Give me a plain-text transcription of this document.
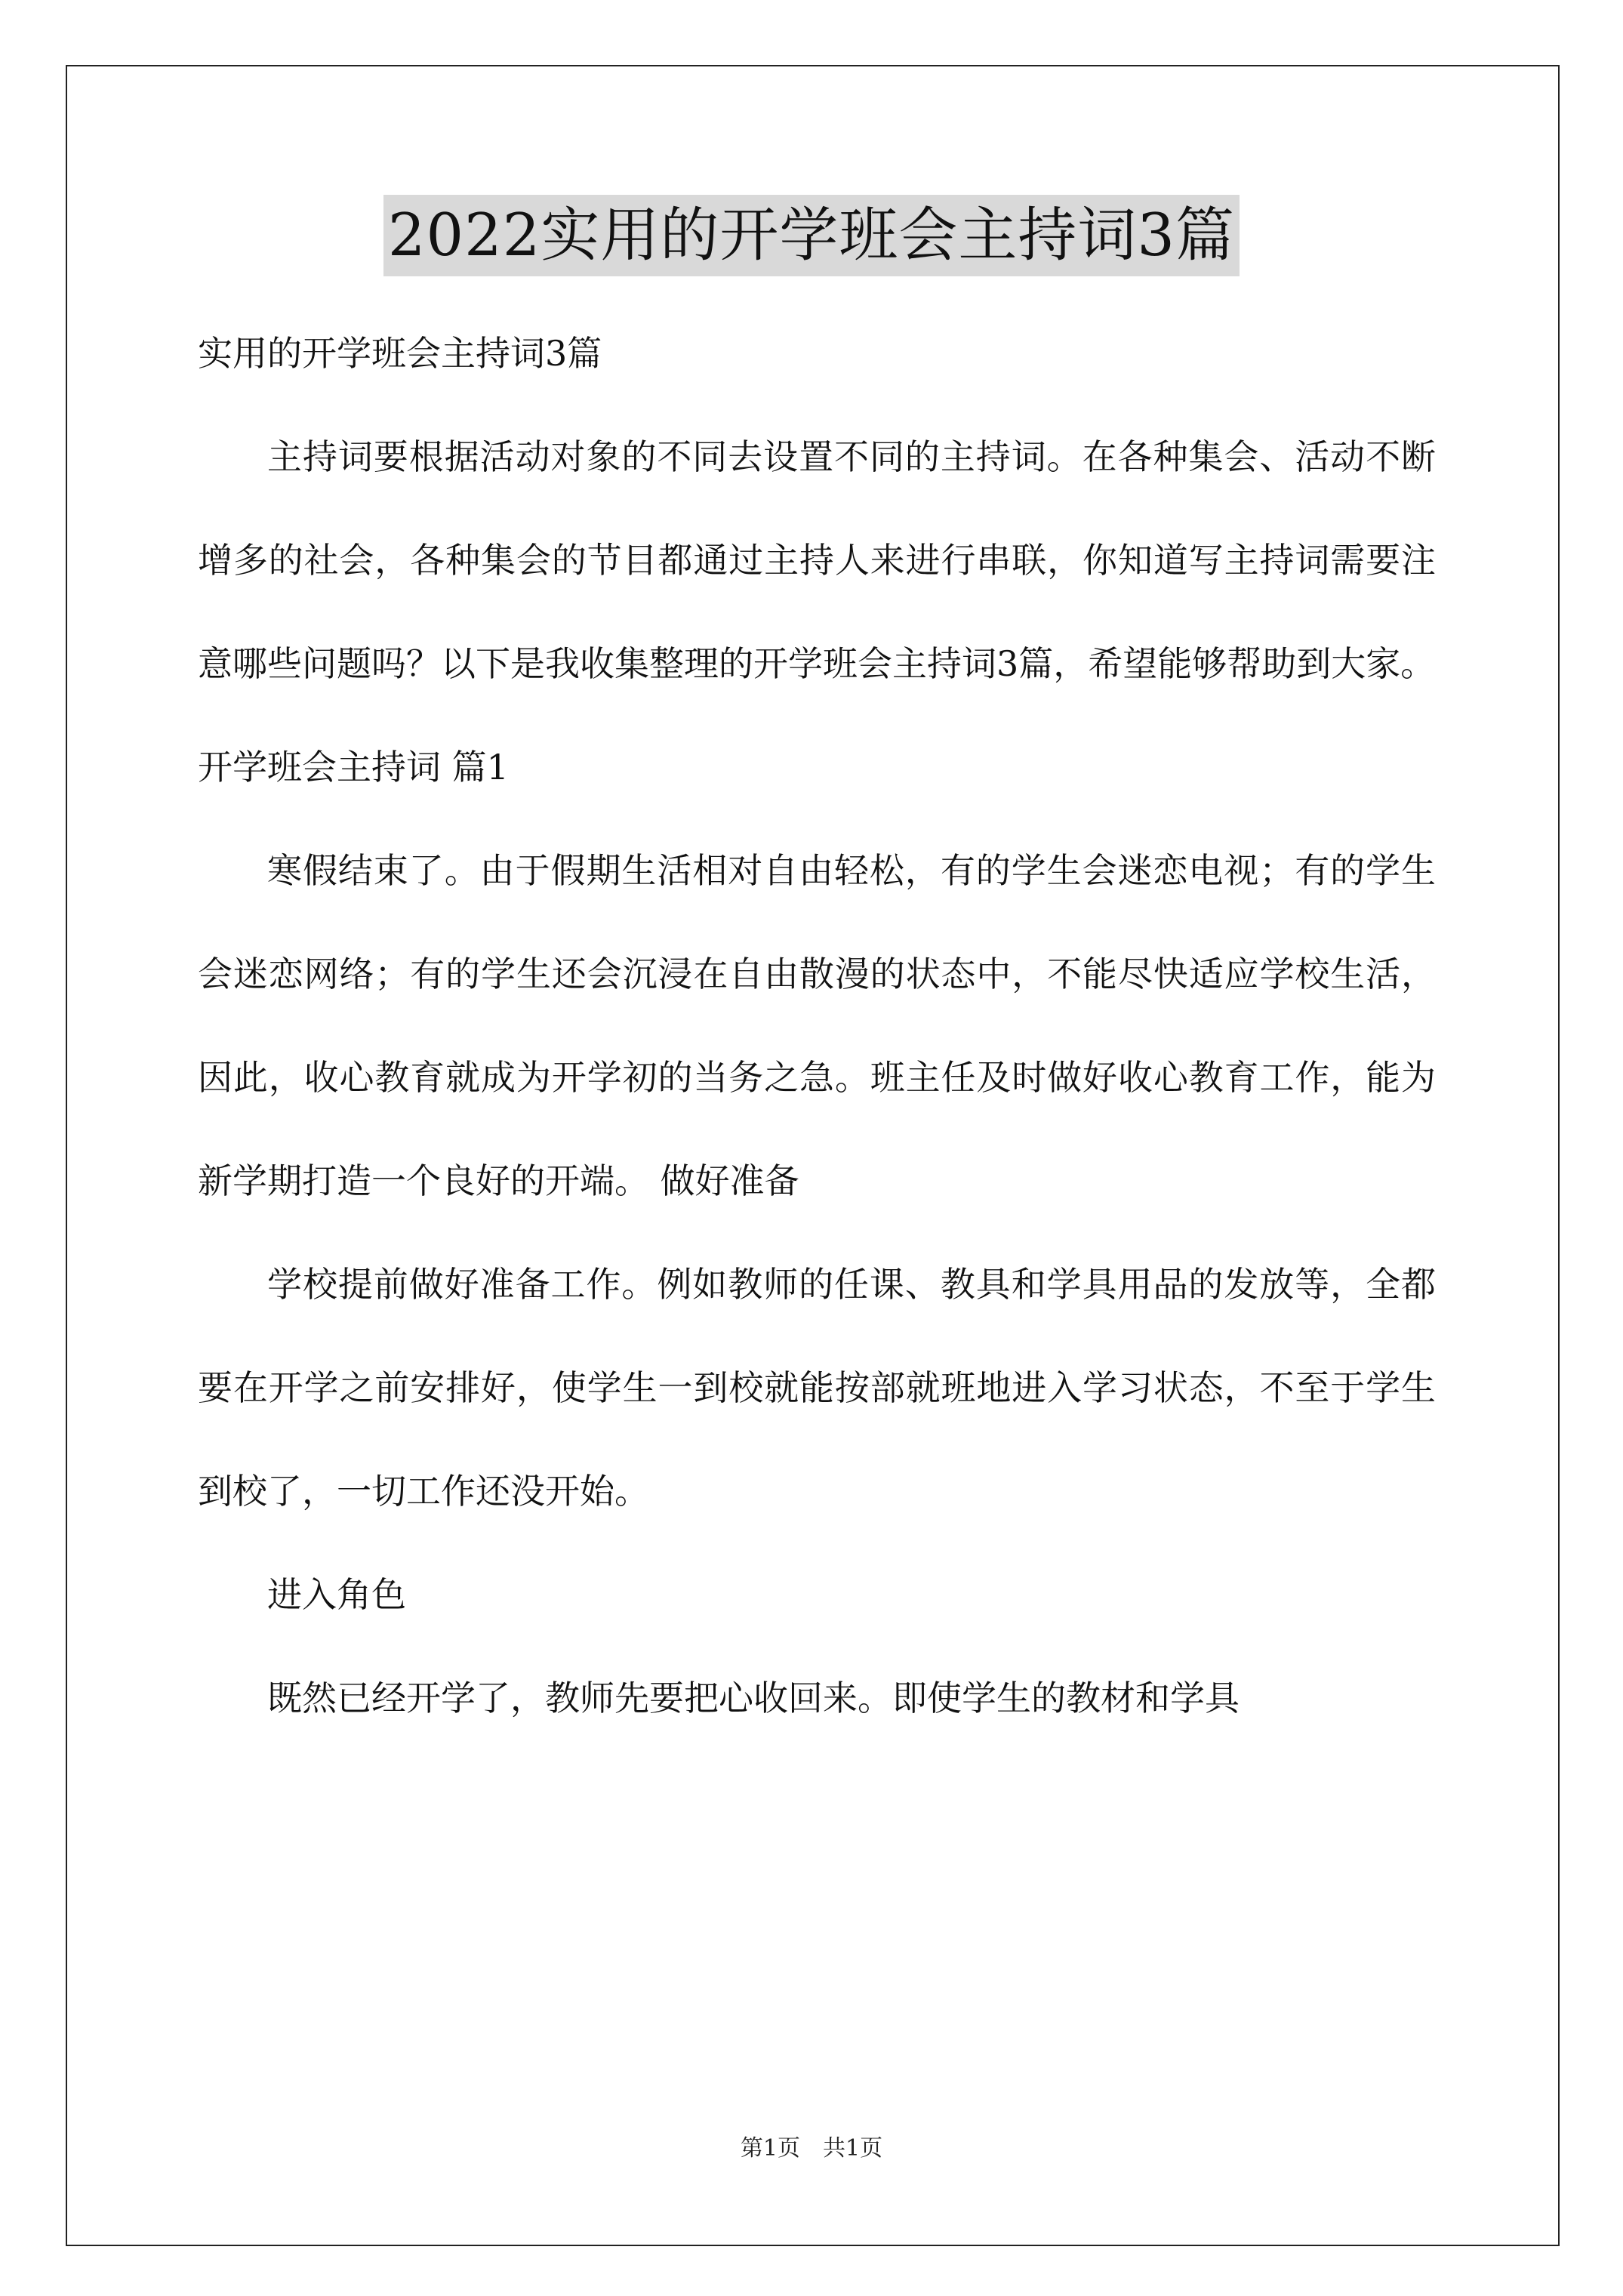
2022实用的开学班会主持词3篇

实用的开学班会主持词3篇

主持词要根据活动对象的不同去设置不同的主持词。在各种集会、活动不断增多的社会，各种集会的节目都通过主持人来进行串联，你知道写主持词需要注意哪些问题吗？以下是我收集整理的开学班会主持词3篇，希望能够帮助到大家。

开学班会主持词 篇1

寒假结束了。由于假期生活相对自由轻松，有的学生会迷恋电视；有的学生会迷恋网络；有的学生还会沉浸在自由散漫的状态中，不能尽快适应学校生活，因此，收心教育就成为开学初的当务之急。班主任及时做好收心教育工作，能为新学期打造一个良好的开端。 做好准备

学校提前做好准备工作。例如教师的任课、教具和学具用品的发放等，全都要在开学之前安排好，使学生一到校就能按部就班地进入学习状态，不至于学生到校了，一切工作还没开始。

进入角色

既然已经开学了，教师先要把心收回来。即使学生的教材和学具

第1页　共1页
